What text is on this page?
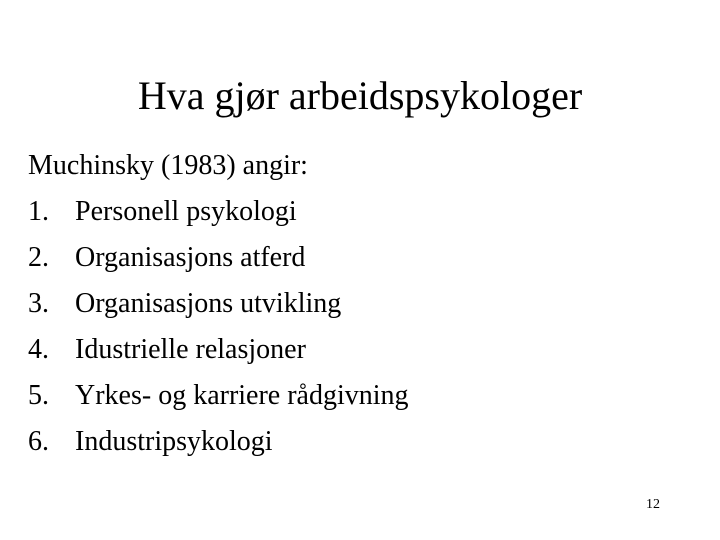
Hva gjør arbeidspsykologer
Muchinsky (1983) angir:
1. Personell psykologi
2. Organisasjons atferd
3. Organisasjons utvikling
4. Idustrielle relasjoner
5. Yrkes- og karriere rådgivning
6. Industripsykologi
12
